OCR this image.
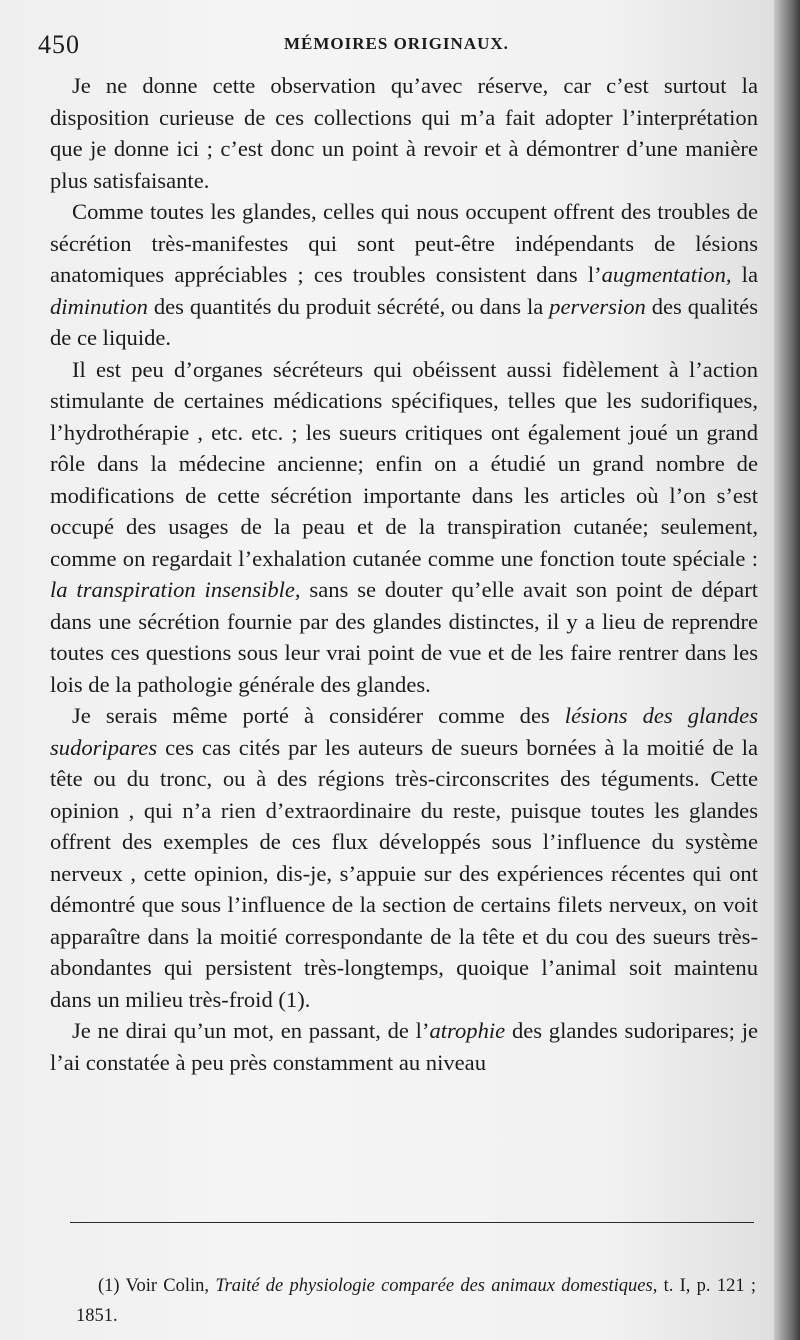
450	MÉMOIRES ORIGINAUX.

Je ne donne cette observation qu’avec réserve, car c’est surtout la disposition curieuse de ces collections qui m’a fait adopter l’interprétation que je donne ici ; c’est donc un point à revoir et à démontrer d’une manière plus satisfaisante.

Comme toutes les glandes, celles qui nous occupent offrent des troubles de sécrétion très-manifestes qui sont peut-être indépendants de lésions anatomiques appréciables ; ces troubles consistent dans l’augmentation, la diminution des quantités du produit sécrété, ou dans la perversion des qualités de ce liquide.

Il est peu d’organes sécréteurs qui obéissent aussi fidèlement à l’action stimulante de certaines médications spécifiques, telles que les sudorifiques, l’hydrothérapie , etc. etc. ; les sueurs critiques ont également joué un grand rôle dans la médecine ancienne; enfin on a étudié un grand nombre de modifications de cette sécrétion importante dans les articles où l’on s’est occupé des usages de la peau et de la transpiration cutanée; seulement, comme on regardait l’exhalation cutanée comme une fonction toute spéciale : la transpiration insensible, sans se douter qu’elle avait son point de départ dans une sécrétion fournie par des glandes distinctes, il y a lieu de reprendre toutes ces questions sous leur vrai point de vue et de les faire rentrer dans les lois de la pathologie générale des glandes.

Je serais même porté à considérer comme des lésions des glandes sudoripares ces cas cités par les auteurs de sueurs bornées à la moitié de la tête ou du tronc, ou à des régions très-circonscrites des téguments. Cette opinion , qui n’a rien d’extraordinaire du reste, puisque toutes les glandes offrent des exemples de ces flux développés sous l’influence du système nerveux , cette opinion, dis-je, s’appuie sur des expériences récentes qui ont démontré que sous l’influence de la section de certains filets nerveux, on voit apparaître dans la moitié correspondante de la tête et du cou des sueurs très-abondantes qui persistent très-longtemps, quoique l’animal soit maintenu dans un milieu très-froid (1).

Je ne dirai qu’un mot, en passant, de l’atrophie des glandes sudoripares; je l’ai constatée à peu près constamment au niveau

(1) Voir Colin, Traité de physiologie comparée des animaux domestiques, t. I, p. 121 ; 1851.
